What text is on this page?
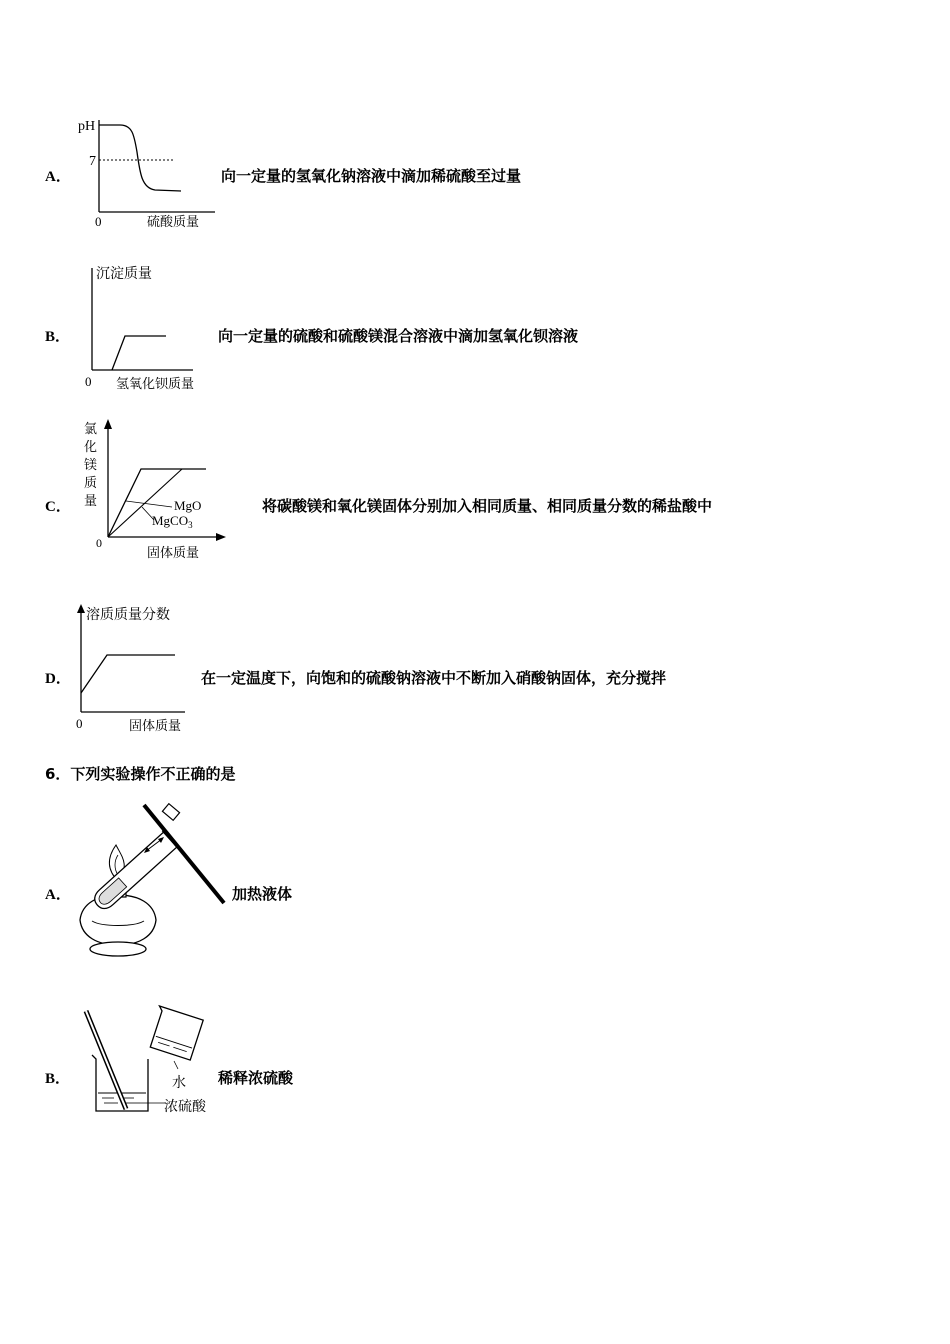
pH
7
0	硫酸质量
A．	向一定量的氢氧化钠溶液中滴加稀硫酸至过量
沉淀质量
0 氢氧化钡质量
B．	向一定量的硫酸和硫酸镁混合溶液中滴加氢氧化钡溶液
氯
化
镁
质
量	MgO
MgCO$_3$
0
固体质量
C．	将碳酸镁和氧化镁固体分别加入相同质量、相同质量分数的稀盐酸中
溶质质量分数
0	固体质量
D．	在一定温度下，向饱和的硫酸钠溶液中不断加入硝酸钠固体，充分搅拌
6．下列实验操作不正确的是
A．	加热液体
水
浓硫酸
B．	稀释浓硫酸
